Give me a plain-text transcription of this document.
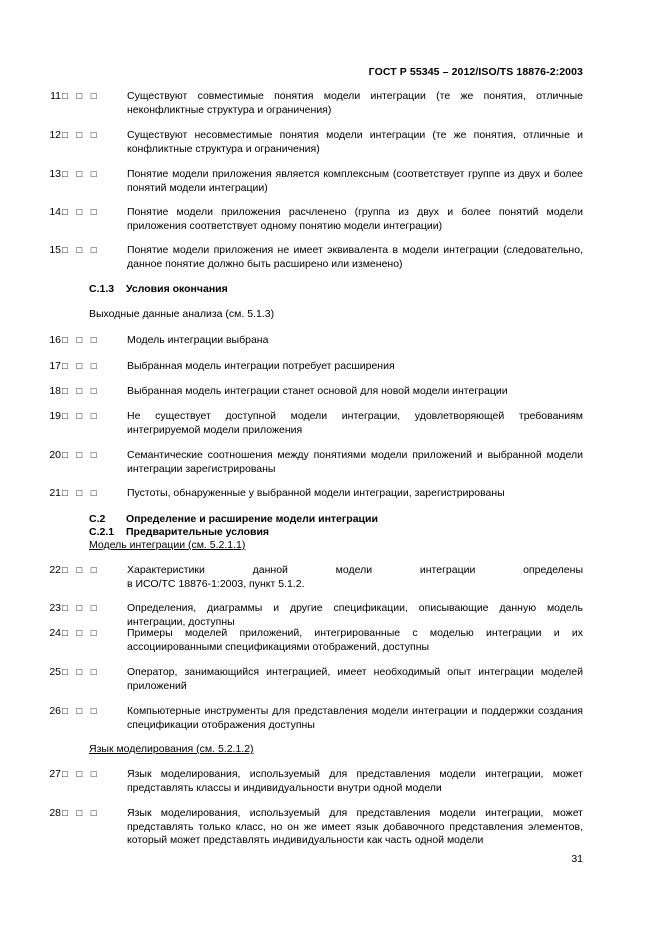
ГОСТ Р 55345 – 2012/ISO/TS 18876-2:2003
11 □ □ □	Существуют совместимые понятия модели интеграции (те же понятия, отличные неконфликтные структура и ограничения)
12 □ □ □	Существуют несовместимые понятия модели интеграции (те же понятия, отличные и конфликтные структура и ограничения)
13 □ □ □	Понятие модели приложения является комплексным (соответствует группе из двух и более понятий модели интеграции)
14 □ □ □	Понятие модели приложения расчленено (группа из двух и более понятий модели приложения соответствует одному понятию модели интеграции)
15 □ □ □	Понятие модели приложения не имеет эквивалента в модели интеграции (следовательно, данное понятие должно быть расширено или изменено)
С.1.3 Условия окончания
Выходные данные анализа (см. 5.1.3)
16 □ □ □	Модель интеграции выбрана
17 □ □ □	Выбранная модель интеграции потребует расширения
18 □ □ □	Выбранная модель интеграции станет основой для новой модели интеграции
19 □ □ □	Не существует доступной модели интеграции, удовлетворяющей требованиям интегрируемой модели приложения
20 □ □ □	Семантические соотношения между понятиями модели приложений и выбранной модели интеграции зарегистрированы
21 □ □ □	Пустоты, обнаруженные у выбранной модели интеграции, зарегистрированы
С.2 Определение и расширение модели интеграции
С.2.1 Предварительные условия
Модель интеграции (см. 5.2.1.1)
22 □ □ □	Характеристики	данной	модели	интеграции	определены
в ИСО/ТС 18876-1:2003, пункт 5.1.2.
23 □ □ □	Определения, диаграммы и другие спецификации, описывающие данную модель интеграции, доступны
24 □ □ □	Примеры моделей приложений, интегрированные с моделью интеграции и их ассоциированными спецификациями отображений, доступны
25 □ □ □	Оператор, занимающийся интеграцией, имеет необходимый опыт интеграции моделей приложений
26 □ □ □	Компьютерные инструменты для представления модели интеграции и поддержки создания спецификации отображения доступны
Язык моделирования (см. 5.2.1.2)
27 □ □ □	Язык моделирования, используемый для представления модели интеграции, может представлять классы и индивидуальности внутри одной модели
28 □ □ □	Язык моделирования, используемый для представления модели интеграции, может представлять только класс, но он же имеет язык добавочного представления элементов, который может представлять индивидуальности как часть одной модели
31
